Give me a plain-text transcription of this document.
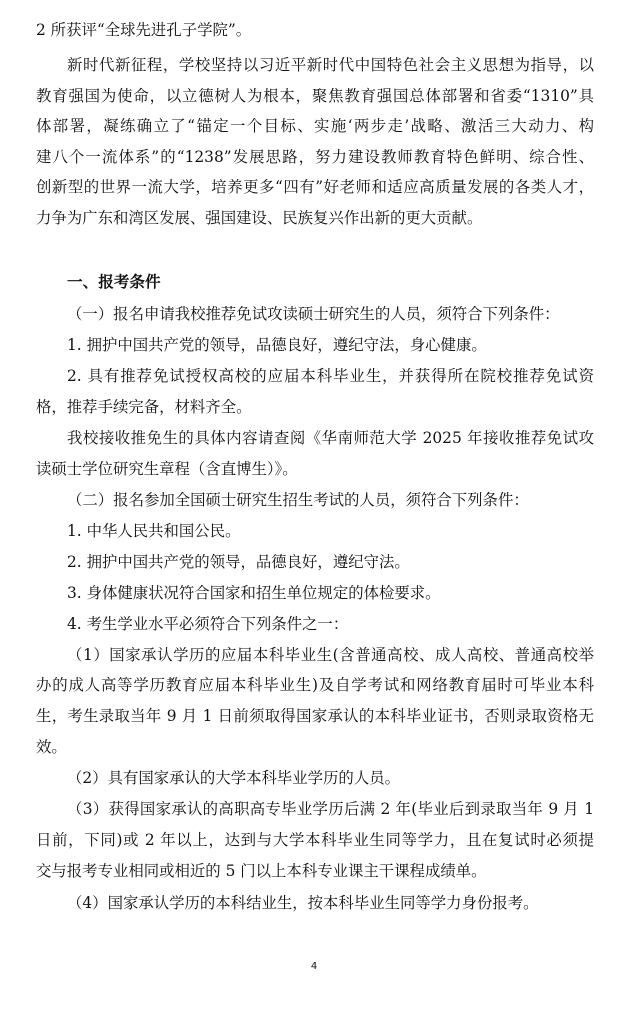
2 所获评“全球先进孔子学院”。
新时代新征程，学校坚持以习近平新时代中国特色社会主义思想为指导，以
教育强国为使命，以立德树人为根本，聚焦教育强国总体部署和省委“1310”具
体部署，凝练确立了“锚定一个目标、实施‘两步走’战略、激活三大动力、构
建八个一流体系”的“1238”发展思路，努力建设教师教育特色鲜明、综合性、
创新型的世界一流大学，培养更多“四有”好老师和适应高质量发展的各类人才，
力争为广东和湾区发展、强国建设、民族复兴作出新的更大贡献。
一、报考条件
（一）报名申请我校推荐免试攻读硕士研究生的人员，须符合下列条件：
1. 拥护中国共产党的领导，品德良好，遵纪守法，身心健康。
2. 具有推荐免试授权高校的应届本科毕业生，并获得所在院校推荐免试资
格，推荐手续完备，材料齐全。
我校接收推免生的具体内容请查阅《华南师范大学 2025 年接收推荐免试攻
读硕士学位研究生章程（含直博生）》。
（二）报名参加全国硕士研究生招生考试的人员，须符合下列条件：
1. 中华人民共和国公民。
2. 拥护中国共产党的领导，品德良好，遵纪守法。
3. 身体健康状况符合国家和招生单位规定的体检要求。
4. 考生学业水平必须符合下列条件之一：
（1）国家承认学历的应届本科毕业生(含普通高校、成人高校、普通高校举
办的成人高等学历教育应届本科毕业生)及自学考试和网络教育届时可毕业本科
生，考生录取当年 9 月 1 日前须取得国家承认的本科毕业证书，否则录取资格无
效。
（2）具有国家承认的大学本科毕业学历的人员。
（3）获得国家承认的高职高专毕业学历后满 2 年(毕业后到录取当年 9 月 1
日前，下同)或 2 年以上，达到与大学本科毕业生同等学力，且在复试时必须提
交与报考专业相同或相近的 5 门以上本科专业课主干课程成绩单。
（4）国家承认学历的本科结业生，按本科毕业生同等学力身份报考。
4
